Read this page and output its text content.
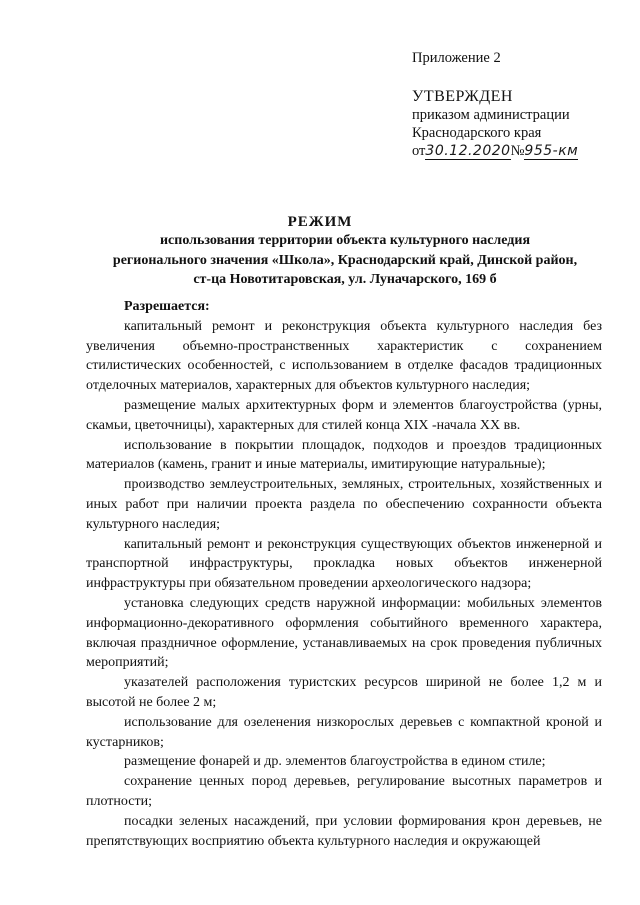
Приложение 2
УТВЕРЖДЕН
приказом администрации
Краснодарского края
от30.12.2020№955-км
РЕЖИМ
использования территории объекта культурного наследия
регионального значения «Школа», Краснодарский край, Динской район,
ст-ца Новотитаровская, ул. Луначарского, 169 б

Разрешается:

капитальный ремонт и реконструкция объекта культурного наследия без увеличения объемно-пространственных характеристик с сохранением стилистических особенностей, с использованием в отделке фасадов традиционных отделочных материалов, характерных для объектов культурного наследия;

размещение малых архитектурных форм и элементов благоустройства (урны, скамьи, цветочницы), характерных для стилей конца XIX -начала XX вв.

использование в покрытии площадок, подходов и проездов традиционных материалов (камень, гранит и иные материалы, имитирующие натуральные);

производство землеустроительных, земляных, строительных, хозяйственных и иных работ при наличии проекта раздела по обеспечению сохранности объекта культурного наследия;

капитальный ремонт и реконструкция существующих объектов инженерной и транспортной инфраструктуры, прокладка новых объектов инженерной инфраструктуры при обязательном проведении археологического надзора;

установка следующих средств наружной информации: мобильных элементов информационно-декоративного оформления событийного временного характера, включая праздничное оформление, устанавливаемых на срок проведения публичных мероприятий;

указателей расположения туристских ресурсов шириной не более 1,2 м и высотой не более 2 м;

использование для озеленения низкорослых деревьев с компактной кроной и кустарников;

размещение фонарей и др. элементов благоустройства в едином стиле;

сохранение ценных пород деревьев, регулирование высотных параметров и плотности;

посадки зеленых насаждений, при условии формирования крон деревьев, не препятствующих восприятию объекта культурного наследия и окружающей
